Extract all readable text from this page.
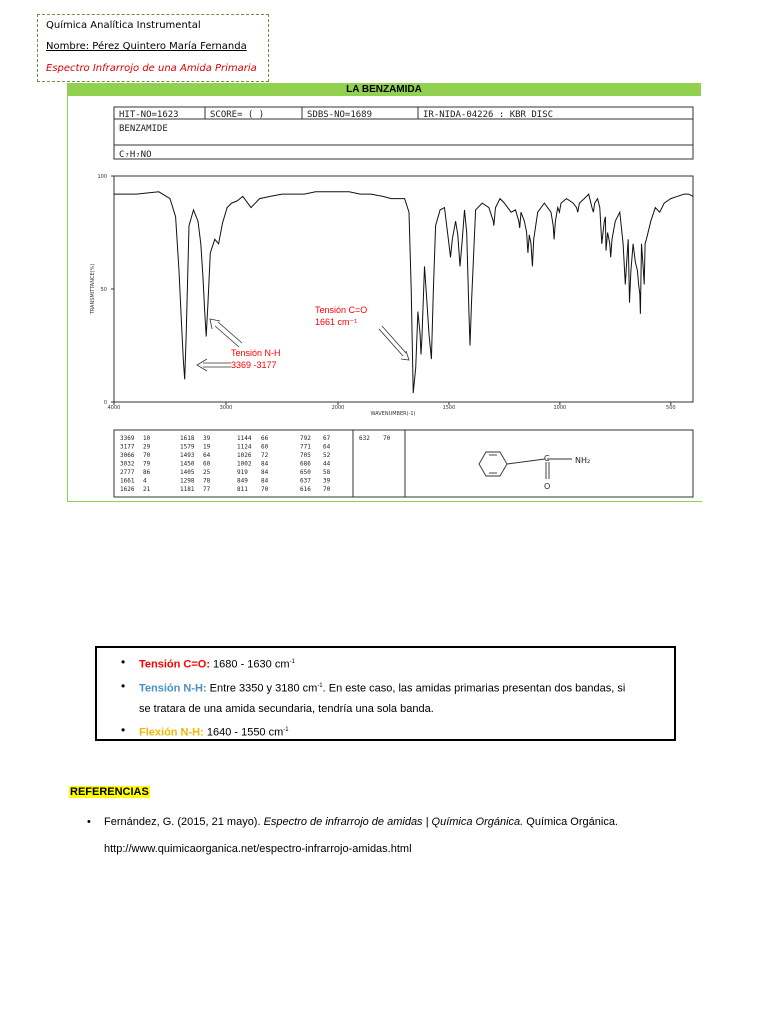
Química Analítica Instrumental
Nombre: Pérez Quintero María Fernanda
Espectro Infrarrojo de una Amida Primaria
LA BENZAMIDA
HIT-NO=1623	SCORE= ( )	SDBS-NO=1689	IR-NIDA-04226 : KBR DISC
BENZAMIDE
C₇H₇NO
0
50
100
4000	3000	2000	1500	1000	500
TRANSMITTANCE(%)
WAVENUMBER(-1)
Tensión C=O
1661 cm⁻¹
Tensión N-H
3369 -3177
3369 10	1618 39	1144 66	792 67	632 70
3177 29	1579 19	1124 60	771 64
3066 70	1493 64	1026 72	705 52
3032 79	1450 60	1002 84	686 44
2777 86	1405 25	919 84	650 58
1661 4	1298 78	849 84	637 39
1626 21	1181 77	811 70	616 70
C	NH₂
O
• Tensión C=O: 1680 - 1630 $cm^{-1}$
• Tensión N-H: Entre 3350 y 3180 $cm^{-1}$. En este caso, las amidas primarias presentan dos bandas, si
se tratara de una amida secundaria, tendría una sola banda.
• Flexión N-H: 1640 - 1550 $cm^{-1}$
REFERENCIAS
• Fernández, G. (2015, 21 mayo). Espectro de infrarrojo de amidas | Química Orgánica. Química Orgánica.
http://www.quimicaorganica.net/espectro-infrarrojo-amidas.html
